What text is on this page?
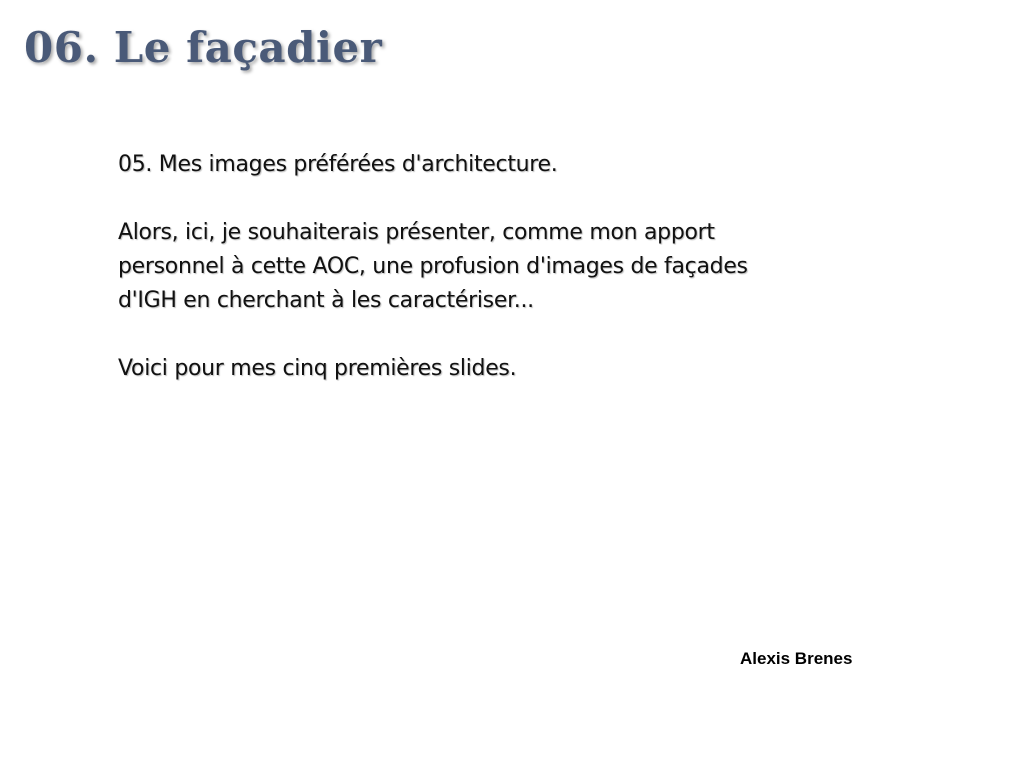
06. Le façadier

05. Mes images préférées d'architecture.

Alors, ici, je souhaiterais présenter, comme mon apport

personnel à cette AOC, une profusion d'images de façades

d'IGH en cherchant à les caractériser...

Voici pour mes cinq premières slides.

Alexis Brenes
